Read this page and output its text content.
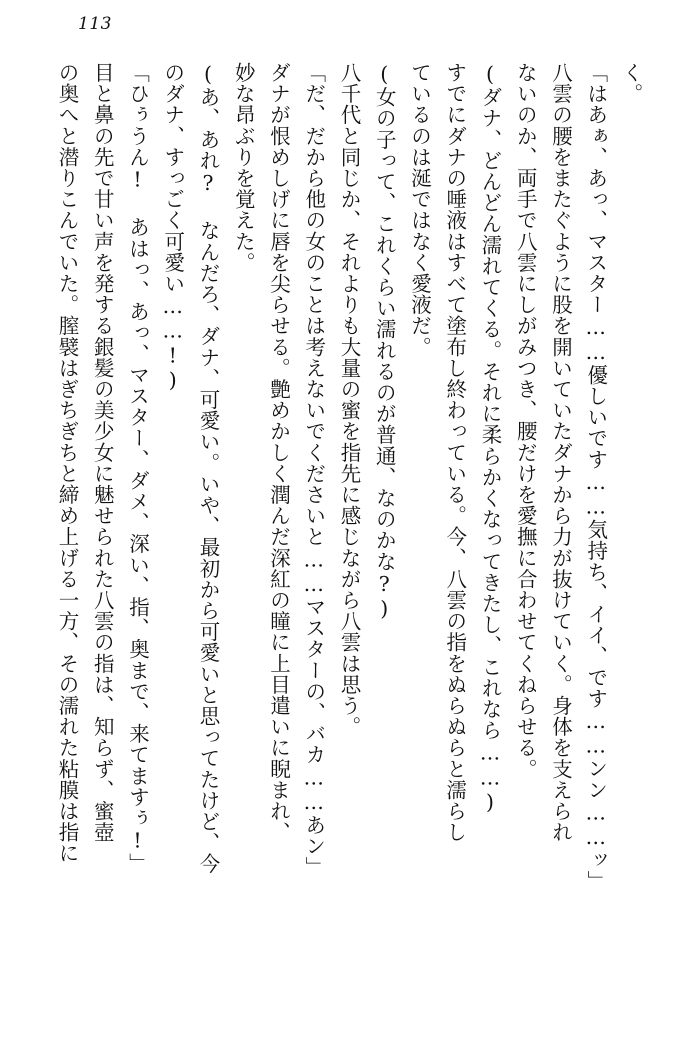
113

く。

「はあぁ、あっ、マスター……優しいです……気持ち、イイ、です……ンン……ッ」

八雲の腰をまたぐように股を開いていたダナから力が抜けていく。身体を支えられ

ないのか、両手で八雲にしがみつき、腰だけを愛撫に合わせてくねらせる。

(ダナ、どんどん濡れてくる。それに柔らかくなってきたし、これなら……)

すでにダナの唾液はすべて塗布し終わっている。今、八雲の指をぬらぬらと濡らし

ているのは涎ではなく愛液だ。

(女の子って、これくらい濡れるのが普通、なのかな?)

八千代と同じか、それよりも大量の蜜を指先に感じながら八雲は思う。

「だ、だから他の女のことは考えないでくださいと……マスターの、バカ……あン」

ダナが恨めしげに唇を尖らせる。艶めかしく潤んだ深紅の瞳に上目遣いに睨まれ、

妙な昂ぶりを覚えた。

(あ、あれ? なんだろ、ダナ、可愛い。いや、最初から可愛いと思ってたけど、今

のダナ、すっごく可愛い……!)

「ひぅうん! あはっ、あっ、マスター、ダメ、深い、指、奥まで、来てますぅ!」

目と鼻の先で甘い声を発する銀髪の美少女に魅せられた八雲の指は、知らず、蜜壺

の奥へと潜りこんでいた。膣襞はぎちぎちと締め上げる一方、その濡れた粘膜は指に
